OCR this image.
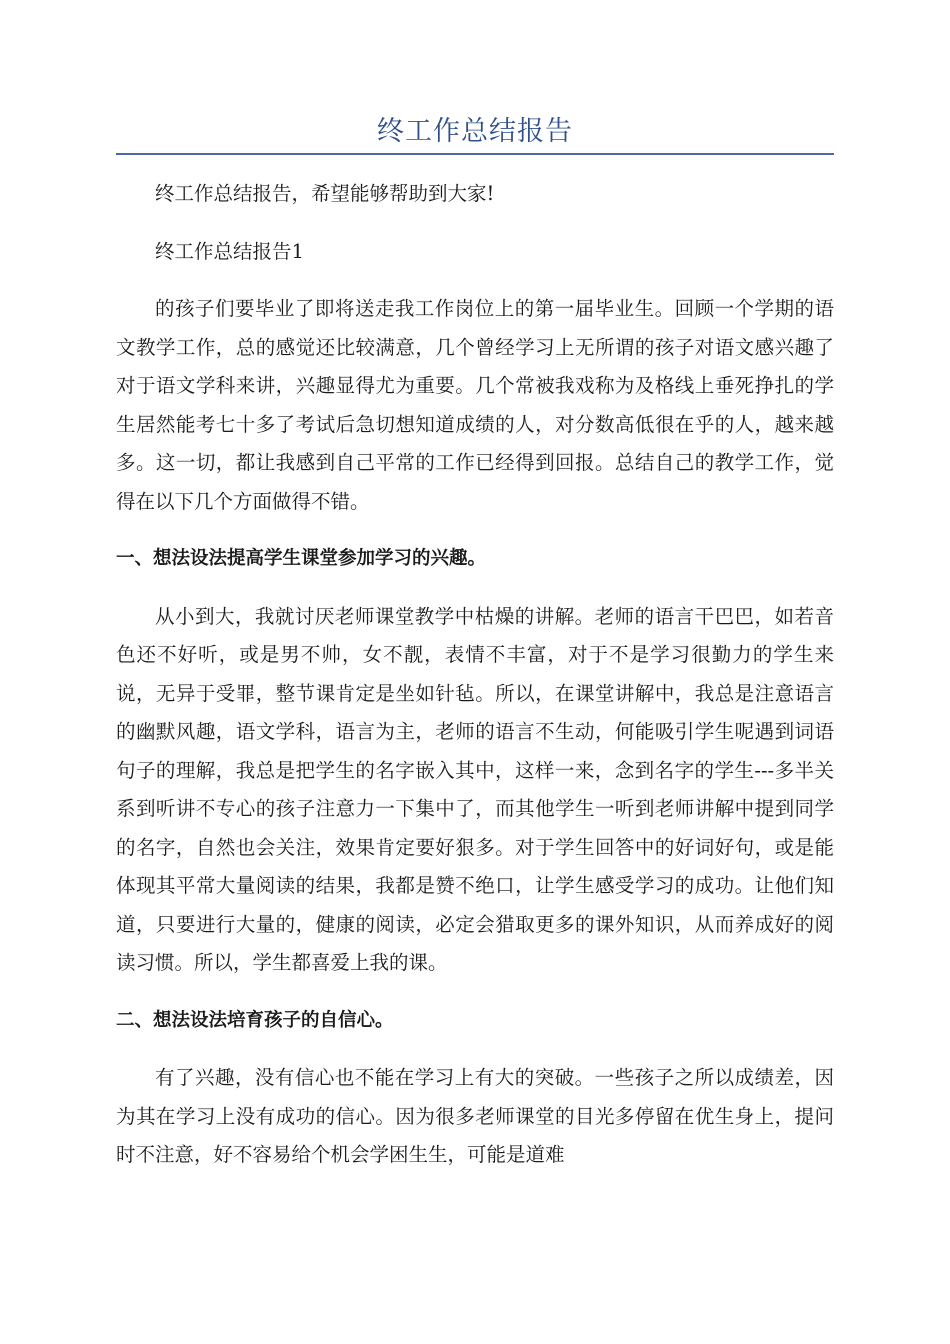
终工作总结报告

终工作总结报告，希望能够帮助到大家!

终工作总结报告1

的孩子们要毕业了即将送走我工作岗位上的第一届毕业生。回顾一个学期的语文教学工作，总的感觉还比较满意，几个曾经学习上无所谓的孩子对语文感兴趣了对于语文学科来讲，兴趣显得尤为重要。几个常被我戏称为及格线上垂死挣扎的学生居然能考七十多了考试后急切想知道成绩的人，对分数高低很在乎的人，越来越多。这一切，都让我感到自己平常的工作已经得到回报。总结自己的教学工作，觉得在以下几个方面做得不错。

一、想法设法提高学生课堂参加学习的兴趣。

从小到大，我就讨厌老师课堂教学中枯燥的讲解。老师的语言干巴巴，如若音色还不好听，或是男不帅，女不靓，表情不丰富，对于不是学习很勤力的学生来说，无异于受罪，整节课肯定是坐如针毡。所以，在课堂讲解中，我总是注意语言的幽默风趣，语文学科，语言为主，老师的语言不生动，何能吸引学生呢遇到词语句子的理解，我总是把学生的名字嵌入其中，这样一来，念到名字的学生---多半关系到听讲不专心的孩子注意力一下集中了，而其他学生一听到老师讲解中提到同学的名字，自然也会关注，效果肯定要好狠多。对于学生回答中的好词好句，或是能体现其平常大量阅读的结果，我都是赞不绝口，让学生感受学习的成功。让他们知道，只要进行大量的，健康的阅读，必定会猎取更多的课外知识，从而养成好的阅读习惯。所以，学生都喜爱上我的课。

二、想法设法培育孩子的自信心。

有了兴趣，没有信心也不能在学习上有大的突破。一些孩子之所以成绩差，因为其在学习上没有成功的信心。因为很多老师课堂的目光多停留在优生身上，提问时不注意，好不容易给个机会学困生生，可能是道难
